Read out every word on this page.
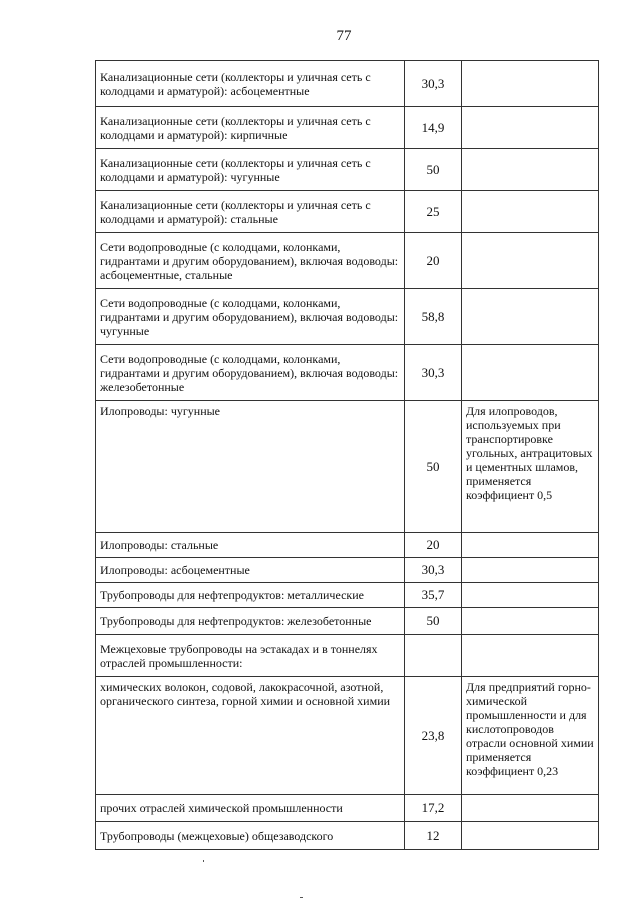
77
Канализационные сети (коллекторы и уличная сеть с колодцами и арматурой): асбоцементные	30,3	
Канализационные сети (коллекторы и уличная сеть с колодцами и арматурой): кирпичные	14,9	
Канализационные сети (коллекторы и уличная сеть с колодцами и арматурой): чугунные	50	
Канализационные сети (коллекторы и уличная сеть с колодцами и арматурой): стальные	25	
Сети водопроводные (с колодцами, колонками, гидрантами и другим оборудованием), включая водоводы: асбоцементные, стальные	20	
Сети водопроводные (с колодцами, колонками, гидрантами и другим оборудованием), включая водоводы: чугунные	58,8	
Сети водопроводные (с колодцами, колонками, гидрантами и другим оборудованием), включая водоводы: железобетонные	30,3	
Илопроводы: чугунные	50	Для илопроводов, используемых при транспортировке угольных, антрацитовых и цементных шламов, применяется коэффициент 0,5
Илопроводы: стальные	20	
Илопроводы: асбоцементные	30,3	
Трубопроводы для нефтепродуктов: металлические	35,7	
Трубопроводы для нефтепродуктов: железобетонные	50	
Межцеховые трубопроводы на эстакадах и в тоннелях отраслей промышленности:		
химических волокон, содовой, лакокрасочной, азотной, органического синтеза, горной химии и основной химии	23,8	Для предприятий горно-химической промышленности и для кислотопроводов отрасли основной химии применяется коэффициент 0,23
прочих отраслей химической промышленности	17,2	
Трубопроводы (межцеховые) общезаводского	12	
